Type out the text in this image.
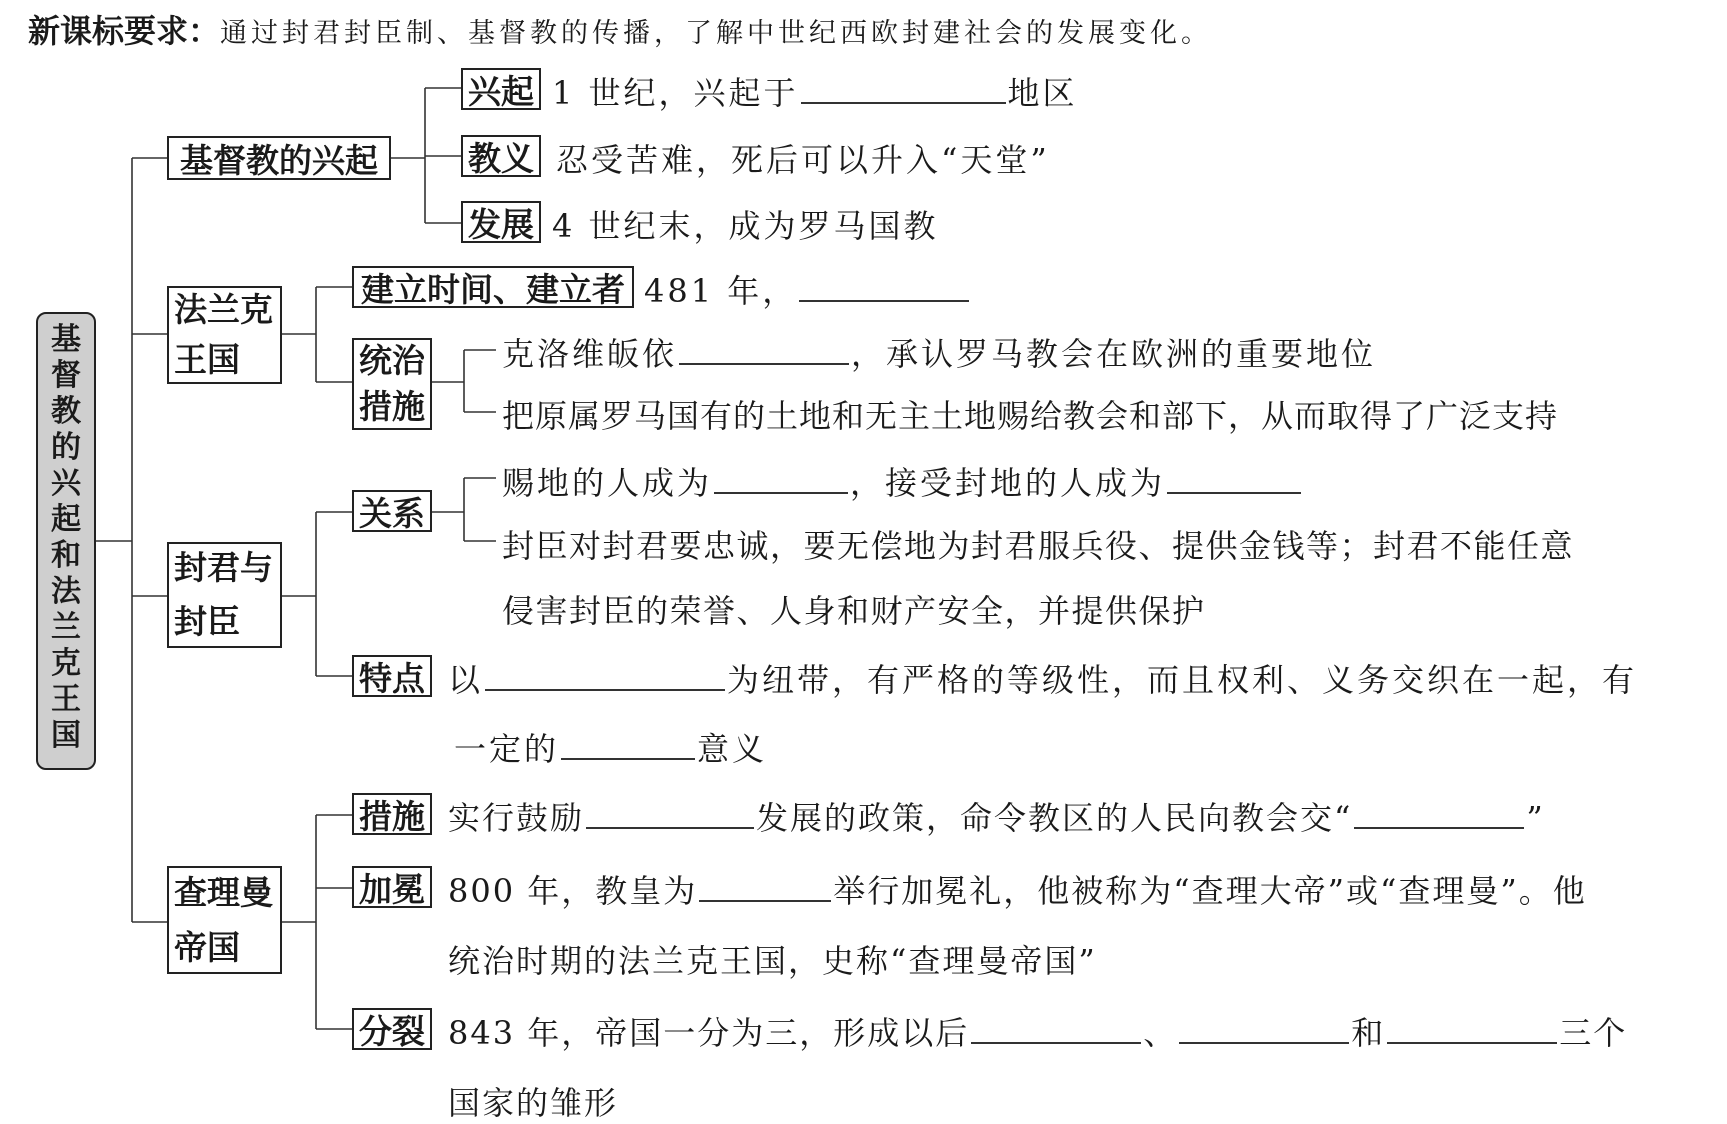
新课标要求：通过封君封臣制、基督教的传播，了解中世纪西欧封建社会的发展变化。
基督教的兴起和法兰克王国
基督教的兴起
兴起 1 世纪，兴起于	地区
教义 忍受苦难，死后可以升入“天堂”
发展 4 世纪末，成为罗马国教
法兰克
王国
建立时间、建立者 481 年，
统治
措施
克洛维皈依	，承认罗马教会在欧洲的重要地位
把原属罗马国有的土地和无主土地赐给教会和部下，从而取得了广泛支持
封君与
封臣
关系
赐地的人成为	，接受封地的人成为
封臣对封君要忠诚，要无偿地为封君服兵役、提供金钱等；封君不能任意
侵害封臣的荣誉、人身和财产安全，并提供保护
特点 以	为纽带，有严格的等级性，而且权利、义务交织在一起，有
一定的	意义
查理曼
帝国
措施 实行鼓励	发展的政策，命令教区的人民向教会交“	”
加冕 800 年，教皇为	举行加冕礼，他被称为“查理大帝”或“查理曼”。他
统治时期的法兰克王国，史称“查理曼帝国”
分裂 843 年，帝国一分为三，形成以后	、	和	三个
国家的雏形
